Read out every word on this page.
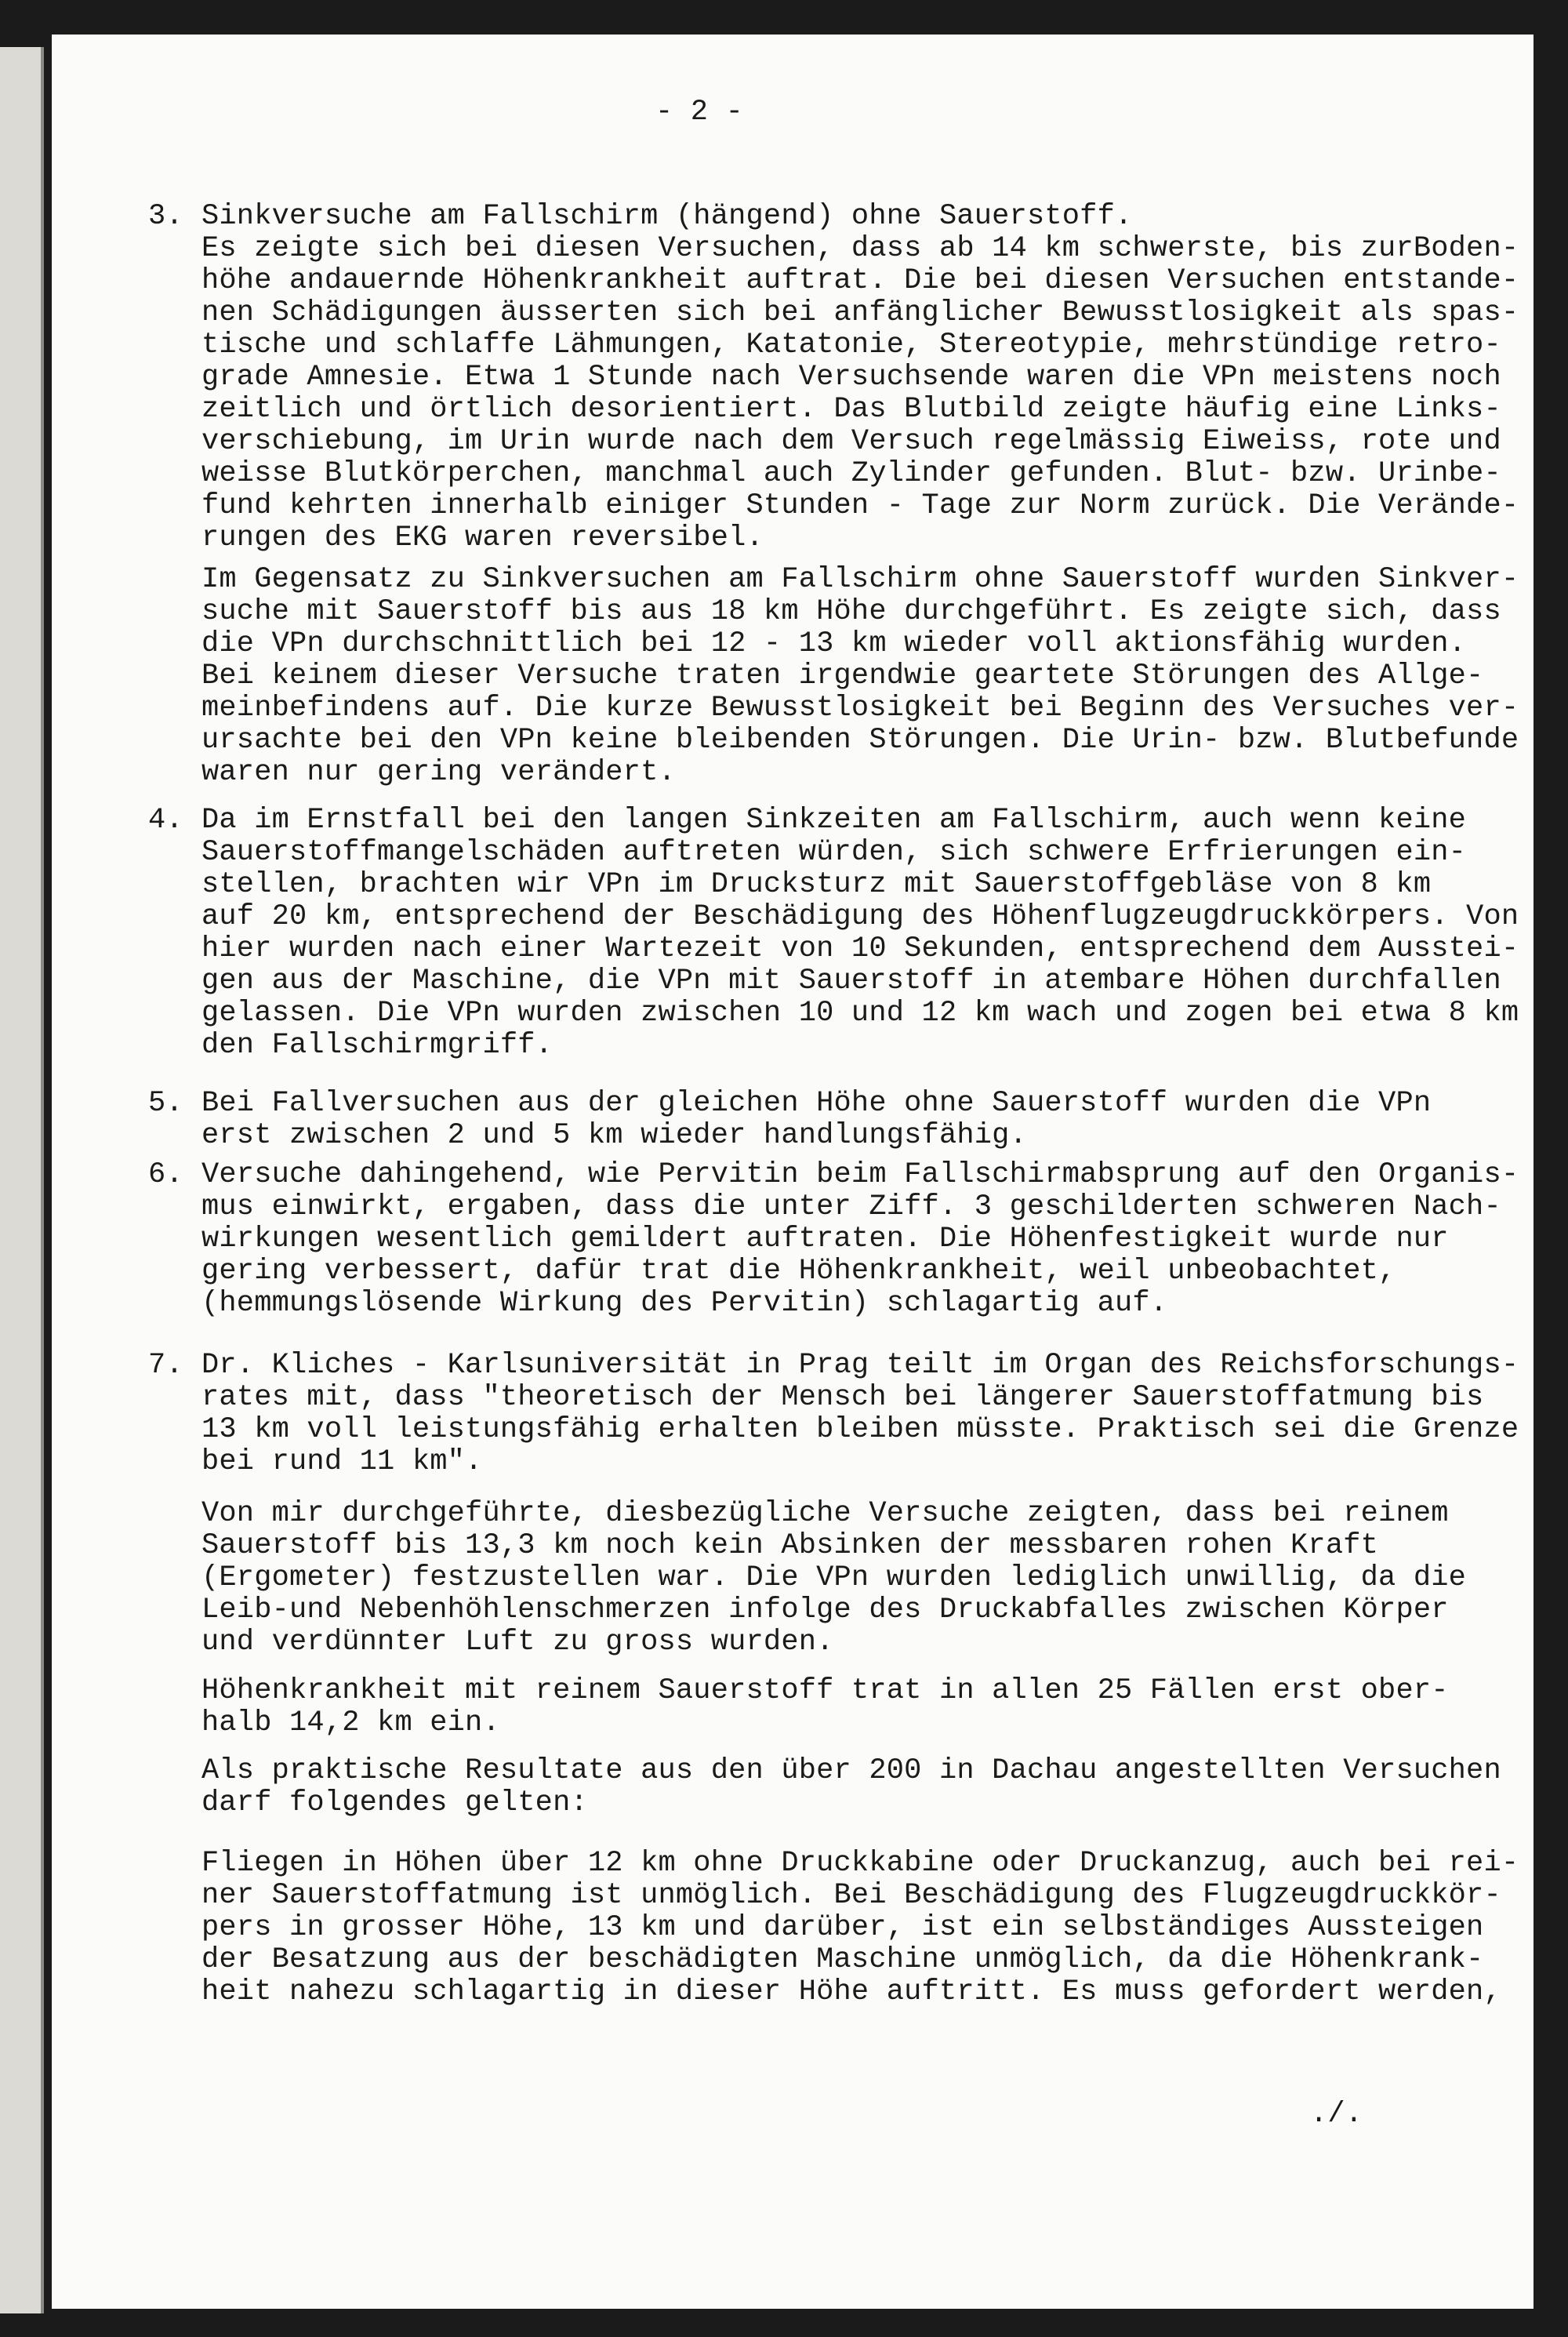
- 2 -
3. Sinkversuche am Fallschirm (hängend) ohne Sauerstoff.
Es zeigte sich bei diesen Versuchen, dass ab 14 km schwerste, bis zurBoden-
höhe andauernde Höhenkrankheit auftrat. Die bei diesen Versuchen entstande-
nen Schädigungen äusserten sich bei anfänglicher Bewusstlosigkeit als spas-
tische und schlaffe Lähmungen, Katatonie, Stereotypie, mehrstündige retro-
grade Amnesie. Etwa 1 Stunde nach Versuchsende waren die VPn meistens noch
zeitlich und örtlich desorientiert. Das Blutbild zeigte häufig eine Links-
verschiebung, im Urin wurde nach dem Versuch regelmässig Eiweiss, rote und
weisse Blutkörperchen, manchmal auch Zylinder gefunden. Blut- bzw. Urinbe-
fund kehrten innerhalb einiger Stunden - Tage zur Norm zurück. Die Verände-
rungen des EKG waren reversibel.
Im Gegensatz zu Sinkversuchen am Fallschirm ohne Sauerstoff wurden Sinkver-
suche mit Sauerstoff bis aus 18 km Höhe durchgeführt. Es zeigte sich, dass
die VPn durchschnittlich bei 12 - 13 km wieder voll aktionsfähig wurden.
Bei keinem dieser Versuche traten irgendwie geartete Störungen des Allge-
meinbefindens auf. Die kurze Bewusstlosigkeit bei Beginn des Versuches ver-
ursachte bei den VPn keine bleibenden Störungen. Die Urin- bzw. Blutbefunde
waren nur gering verändert.
4. Da im Ernstfall bei den langen Sinkzeiten am Fallschirm, auch wenn keine
Sauerstoffmangelschäden auftreten würden, sich schwere Erfrierungen ein-
stellen, brachten wir VPn im Drucksturz mit Sauerstoffgebläse von 8 km
auf 20 km, entsprechend der Beschädigung des Höhenflugzeugdruckkörpers. Von
hier wurden nach einer Wartezeit von 10 Sekunden, entsprechend dem Ausstei-
gen aus der Maschine, die VPn mit Sauerstoff in atembare Höhen durchfallen
gelassen. Die VPn wurden zwischen 10 und 12 km wach und zogen bei etwa 8 km
den Fallschirmgriff.
5. Bei Fallversuchen aus der gleichen Höhe ohne Sauerstoff wurden die VPn
erst zwischen 2 und 5 km wieder handlungsfähig.
6. Versuche dahingehend, wie Pervitin beim Fallschirmabsprung auf den Organis-
mus einwirkt, ergaben, dass die unter Ziff. 3 geschilderten schweren Nach-
wirkungen wesentlich gemildert auftraten. Die Höhenfestigkeit wurde nur
gering verbessert, dafür trat die Höhenkrankheit, weil unbeobachtet,
(hemmungslösende Wirkung des Pervitin) schlagartig auf.
7. Dr. Kliches - Karlsuniversität in Prag teilt im Organ des Reichsforschungs-
rates mit, dass "theoretisch der Mensch bei längerer Sauerstoffatmung bis
13 km voll leistungsfähig erhalten bleiben müsste. Praktisch sei die Grenze
bei rund 11 km".
Von mir durchgeführte, diesbezügliche Versuche zeigten, dass bei reinem
Sauerstoff bis 13,3 km noch kein Absinken der messbaren rohen Kraft
(Ergometer) festzustellen war. Die VPn wurden lediglich unwillig, da die
Leib-und Nebenhöhlenschmerzen infolge des Druckabfalles zwischen Körper
und verdünnter Luft zu gross wurden.
Höhenkrankheit mit reinem Sauerstoff trat in allen 25 Fällen erst ober-
halb 14,2 km ein.
Als praktische Resultate aus den über 200 in Dachau angestellten Versuchen
darf folgendes gelten:
Fliegen in Höhen über 12 km ohne Druckkabine oder Druckanzug, auch bei rei-
ner Sauerstoffatmung ist unmöglich. Bei Beschädigung des Flugzeugdruckkör-
pers in grosser Höhe, 13 km und darüber, ist ein selbständiges Aussteigen
der Besatzung aus der beschädigten Maschine unmöglich, da die Höhenkrank-
heit nahezu schlagartig in dieser Höhe auftritt. Es muss gefordert werden,
./.
